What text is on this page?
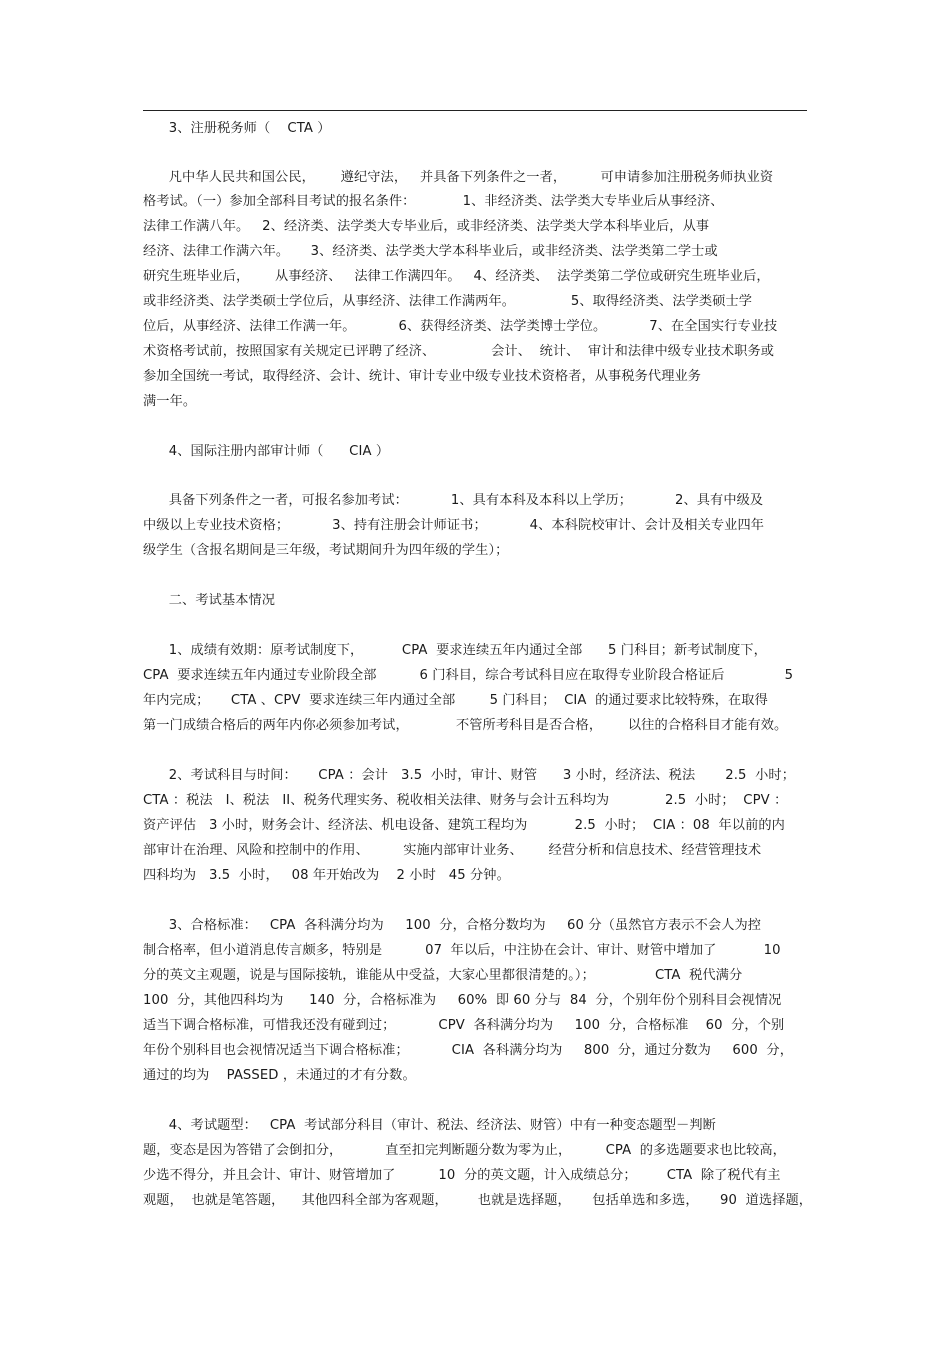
3、注册税务师（    CTA ）
凡中华人民共和国公民，      遵纪守法，   并具备下列条件之一者，        可申请参加注册税务师执业资
格考试。（一）参加全部科目考试的报名条件：           1、非经济类、法学类大专毕业后从事经济、
法律工作满八年。   2、经济类、法学类大专毕业后，或非经济类、法学类大学本科毕业后，从事
经济、法律工作满六年。     3、经济类、法学类大学本科毕业后，或非经济类、法学类第二学士或
研究生班毕业后，      从事经济、   法律工作满四年。   4、经济类、  法学类第二学位或研究生班毕业后，
或非经济类、法学类硕士学位后，从事经济、法律工作满两年。             5、取得经济类、法学类硕士学
位后，从事经济、法律工作满一年。          6、获得经济类、法学类博士学位。          7、在全国实行专业技
术资格考试前，按照国家有关规定已评聘了经济、             会计、  统计、  审计和法律中级专业技术职务或
参加全国统一考试，取得经济、会计、统计、审计专业中级专业技术资格者，从事税务代理业务
满一年。
4、国际注册内部审计师（      CIA ）
具备下列条件之一者，可报名参加考试：          1、具有本科及本科以上学历；          2、具有中级及
中级以上专业技术资格；          3、持有注册会计师证书；          4、本科院校审计、会计及相关专业四年
级学生（含报名期间是三年级，考试期间升为四年级的学生）；
二、考试基本情况
1、成绩有效期：原考试制度下，         CPA  要求连续五年内通过全部      5 门科目；新考试制度下，
CPA  要求连续五年内通过专业阶段全部          6 门科目，综合考试科目应在取得专业阶段合格证后              5
年内完成；     CTA 、CPV  要求连续三年内通过全部        5 门科目；  CIA  的通过要求比较特殊，在取得
第一门成绩合格后的两年内你必须参加考试，           不管所考科目是否合格，      以往的合格科目才能有效。
2、考试科目与时间：     CPA ：会计   3.5  小时，审计、财管      3 小时，经济法、税法       2.5  小时；
CTA ：税法   I、税法   II、税务代理实务、税收相关法律、财务与会计五科均为             2.5  小时；  CPV ：
资产评估   3 小时，财务会计、经济法、机电设备、建筑工程均为           2.5  小时；  CIA ：08  年以前的内
部审计在治理、风险和控制中的作用、        实施内部审计业务、      经营分析和信息技术、经营管理技术
四科均为   3.5  小时，   08 年开始改为    2 小时   45 分钟。
3、合格标准：   CPA  各科满分均为     100  分，合格分数均为     60 分（虽然官方表示不会人为控
制合格率，但小道消息传言颇多，特别是          07  年以后，中注协在会计、审计、财管中增加了           10
分的英文主观题，说是与国际接轨，谁能从中受益，大家心里都很清楚的。）；              CTA  税代满分
100  分，其他四科均为      140  分，合格标准为     60%  即 60 分与  84  分，个别年份个别科目会视情况
适当下调合格标准，可惜我还没有碰到过；          CPV  各科满分均为     100  分，合格标准    60  分，个别
年份个别科目也会视情况适当下调合格标准；          CIA  各科满分均为     800  分，通过分数为     600  分，
通过的均为    PASSED ，未通过的才有分数。
4、考试题型：   CPA  考试部分科目（审计、税法、经济法、财管）中有一种变态题型－判断
题，变态是因为答错了会倒扣分，          直至扣完判断题分数为零为止，        CPA  的多选题要求也比较高，
少选不得分，并且会计、审计、财管增加了          10  分的英文题，计入成绩总分；       CTA  除了税代有主
观题，  也就是笔答题，    其他四科全部为客观题，       也就是选择题，     包括单选和多选，     90  道选择题，
